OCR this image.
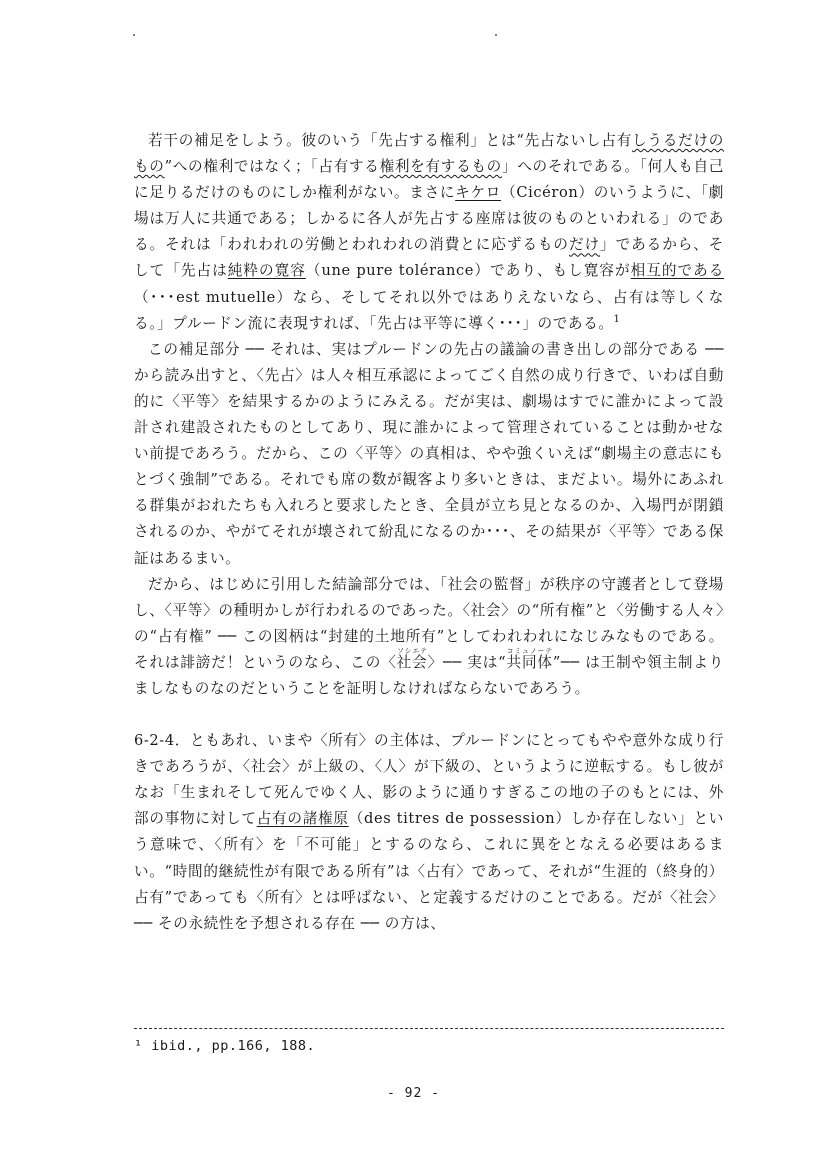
若干の補足をしよう。彼のいう「先占する権利」とは“先占ないし占有しうるだけのもの”への権利ではなく；「占有する権利を有するもの」へのそれである。「何人も自己に足りるだけのものにしか権利がない。まさにキケロ（Cicéron）のいうように、「劇場は万人に共通である；しかるに各人が先占する座席は彼のものといわれる」のである。それは「われわれの労働とわれわれの消費とに応ずるものだけ」であるから、そして「先占は純粋の寛容（une pure tolérance）であり、もし寛容が相互的である（･･･est mutuelle）なら、そしてそれ以外ではありえないなら、占有は等しくなる。」プルードン流に表現すれば、「先占は平等に導く･･･」のである。$^1$

この補足部分 ── それは、実はプルードンの先占の議論の書き出しの部分である ── から読み出すと、〈先占〉は人々相互承認によってごく自然の成り行きで、いわば自動的に〈平等〉を結果するかのようにみえる。だが実は、劇場はすでに誰かによって設計され建設されたものとしてあり、現に誰かによって管理されていることは動かせない前提であろう。だから、この〈平等〉の真相は、やや強くいえば“劇場主の意志にもとづく強制”である。それでも席の数が観客より多いときは、まだよい。場外にあふれる群集がおれたちも入れろと要求したとき、全員が立ち見となるのか、入場門が閉鎖されるのか、やがてそれが壊されて紛乱になるのか･･･、その結果が〈平等〉である保証はあるまい。

だから、はじめに引用した結論部分では、「社会の監督」が秩序の守護者として登場し、〈平等〉の種明かしが行われるのであった。〈社会〉の“所有権”と〈労働する人々〉の“占有権” ── この図柄は“封建的土地所有”としてわれわれになじみなものである。それは誹謗だ！というのなら、この〈社会ソシエテ〉── 実は“共同体コミュノーテ”── は王制や領主制よりましなものなのだということを証明しなければならないであろう。

6-2-4．ともあれ、いまや〈所有〉の主体は、プルードンにとってもやや意外な成り行きであろうが、〈社会〉が上級の、〈人〉が下級の、というように逆転する。もし彼がなお「生まれそして死んでゆく人、影のように通りすぎるこの地の子のもとには、外部の事物に対して占有の諸権原（des titres de possession）しか存在しない」という意味で、〈所有〉を「不可能」とするのなら、これに異をとなえる必要はあるまい。“時間的継続性が有限である所有”は〈占有〉であって、それが“生涯的（終身的）占有”であっても〈所有〉とは呼ばない、と定義するだけのことである。だが〈社会〉── その永続性を予想される存在 ── の方は、

¹ ibid., pp.166, 188.
- 92 -
